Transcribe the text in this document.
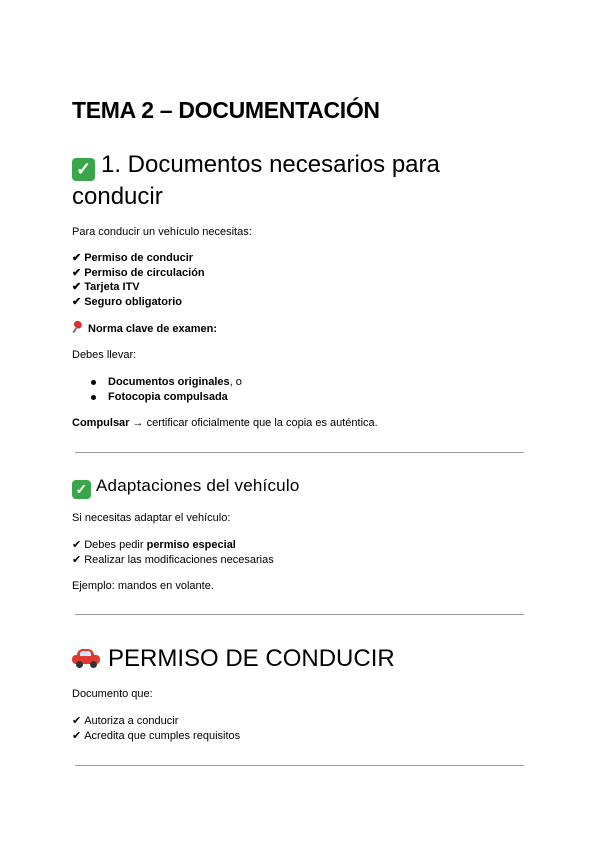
TEMA 2 – DOCUMENTACIÓN
✓ 1. Documentos necesarios para
conducir
Para conducir un vehículo necesitas:
✔ Permiso de conducir
✔ Permiso de circulación
✔ Tarjeta ITV
✔ Seguro obligatorio
Norma clave de examen:
Debes llevar:
Documentos originales, o
Fotocopia compulsada
Compulsar → certificar oficialmente que la copia es auténtica.
✓ Adaptaciones del vehículo
Si necesitas adaptar el vehículo:
✔ Debes pedir permiso especial
✔ Realizar las modificaciones necesarias
Ejemplo: mandos en volante.
PERMISO DE CONDUCIR
Documento que:
✔ Autoriza a conducir
✔ Acredita que cumples requisitos
